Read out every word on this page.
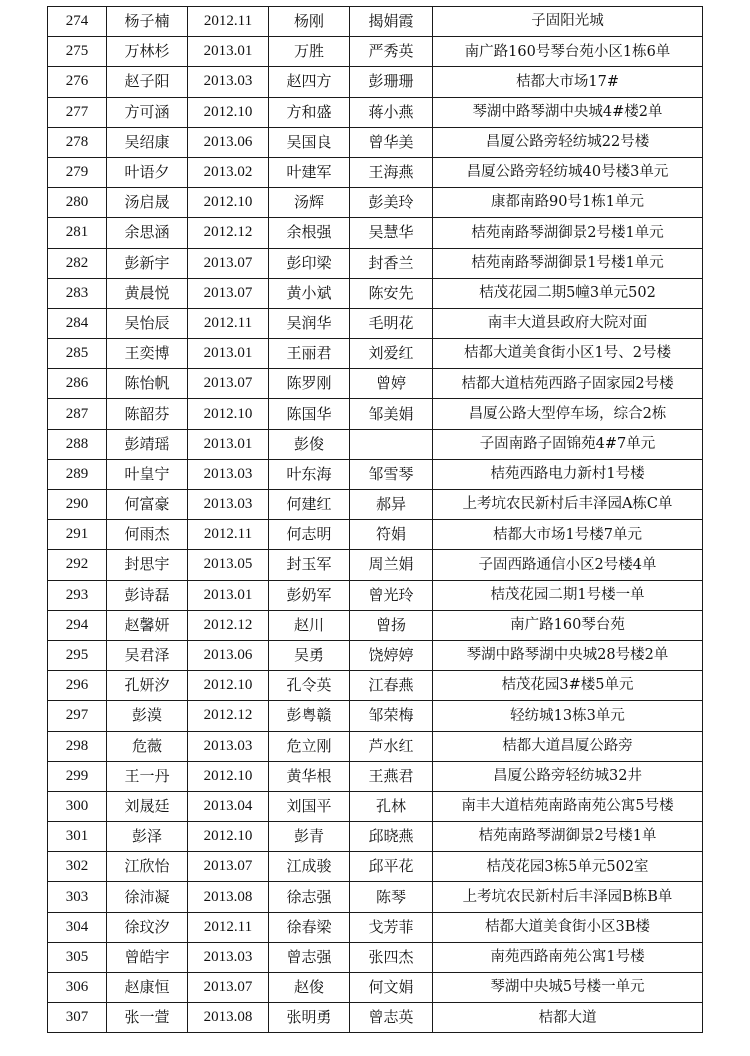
274	杨子楠	2012.11	杨刚	揭娟霞	子固阳光城
275	万林杉	2013.01	万胜	严秀英	南广路160号琴台苑小区1栋6单
276	赵子阳	2013.03	赵四方	彭珊珊	桔都大市场17#
277	方可涵	2012.10	方和盛	蒋小燕	琴湖中路琴湖中央城4#楼2单
278	吴绍康	2013.06	吴国良	曾华美	昌厦公路旁轻纺城22号楼
279	叶语夕	2013.02	叶建军	王海燕	昌厦公路旁轻纺城40号楼3单元
280	汤启晟	2012.10	汤辉	彭美玲	康都南路90号1栋1单元
281	余思涵	2012.12	余根强	吴慧华	桔苑南路琴湖御景2号楼1单元
282	彭新宇	2013.07	彭印梁	封香兰	桔苑南路琴湖御景1号楼1单元
283	黄晨悦	2013.07	黄小斌	陈安先	桔茂花园二期5幢3单元502
284	吴怡辰	2012.11	吴润华	毛明花	南丰大道县政府大院对面
285	王奕博	2013.01	王丽君	刘爱红	桔都大道美食街小区1号、2号楼
286	陈怡帆	2013.07	陈罗刚	曾婷	桔都大道桔苑西路子固家园2号楼
287	陈韶芬	2012.10	陈国华	邹美娟	昌厦公路大型停车场，综合2栋
288	彭靖瑶	2013.01	彭俊		子固南路子固锦苑4#7单元
289	叶皇宁	2013.03	叶东海	邹雪琴	桔苑西路电力新村1号楼
290	何富豪	2013.03	何建红	郝异	上考坑农民新村后丰泽园A栋C单
291	何雨杰	2012.11	何志明	符娟	桔都大市场1号楼7单元
292	封思宇	2013.05	封玉军	周兰娟	子固西路通信小区2号楼4单
293	彭诗磊	2013.01	彭奶军	曾光玲	桔茂花园二期1号楼一单
294	赵馨妍	2012.12	赵川	曾扬	南广路160琴台苑
295	吴君泽	2013.06	吴勇	饶婷婷	琴湖中路琴湖中央城28号楼2单
296	孔妍汐	2012.10	孔令英	江春燕	桔茂花园3#楼5单元
297	彭漠	2012.12	彭粤赣	邹荣梅	轻纺城13栋3单元
298	危薇	2013.03	危立刚	芦水红	桔都大道昌厦公路旁
299	王一丹	2012.10	黄华根	王燕君	昌厦公路旁轻纺城32井
300	刘晟廷	2013.04	刘国平	孔林	南丰大道桔苑南路南苑公寓5号楼
301	彭泽	2012.10	彭青	邱晓燕	桔苑南路琴湖御景2号楼1单
302	江欣怡	2013.07	江成骏	邱平花	桔茂花园3栋5单元502室
303	徐沛凝	2013.08	徐志强	陈琴	上考坑农民新村后丰泽园B栋B单
304	徐玟汐	2012.11	徐春梁	戈芳菲	桔都大道美食街小区3B楼
305	曾皓宇	2013.03	曾志强	张四杰	南苑西路南苑公寓1号楼
306	赵康恒	2013.07	赵俊	何文娟	琴湖中央城5号楼一单元
307	张一萱	2013.08	张明勇	曾志英	桔都大道
